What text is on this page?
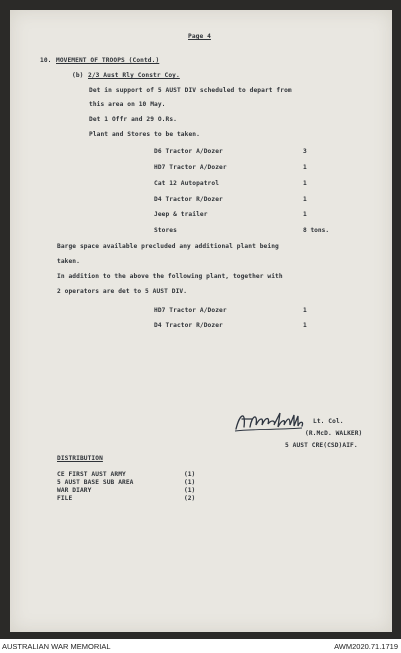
Page 4
10. MOVEMENT OF TROOPS (Contd.)
(b) 2/3 Aust Rly Constr Coy.
Det in support of 5 AUST DIV scheduled to depart from
this area on 10 May.
Det 1 Offr and 29 O.Rs.
Plant and Stores to be taken.
D6 Tractor A/Dozer	3
HD7 Tractor A/Dozer	1
Cat 12 Autopatrol	1
D4 Tractor R/Dozer	1
Jeep & trailer	1
Stores	8 tons.
Barge space available precluded any additional plant being
taken.
In addition to the above the following plant, together with
2 operators are det to 5 AUST DIV.
HD7 Tractor A/Dozer	1
D4 Tractor R/Dozer	1
Lt. Col.
(R.McD. WALKER)
5 AUST CRE(CSD)AIF.
DISTRIBUTION
CE FIRST AUST ARMY	(1)
5 AUST BASE SUB AREA	(1)
WAR DIARY	(1)
FILE	(2)
AUSTRALIAN WAR MEMORIAL	AWM2020.71.1719
